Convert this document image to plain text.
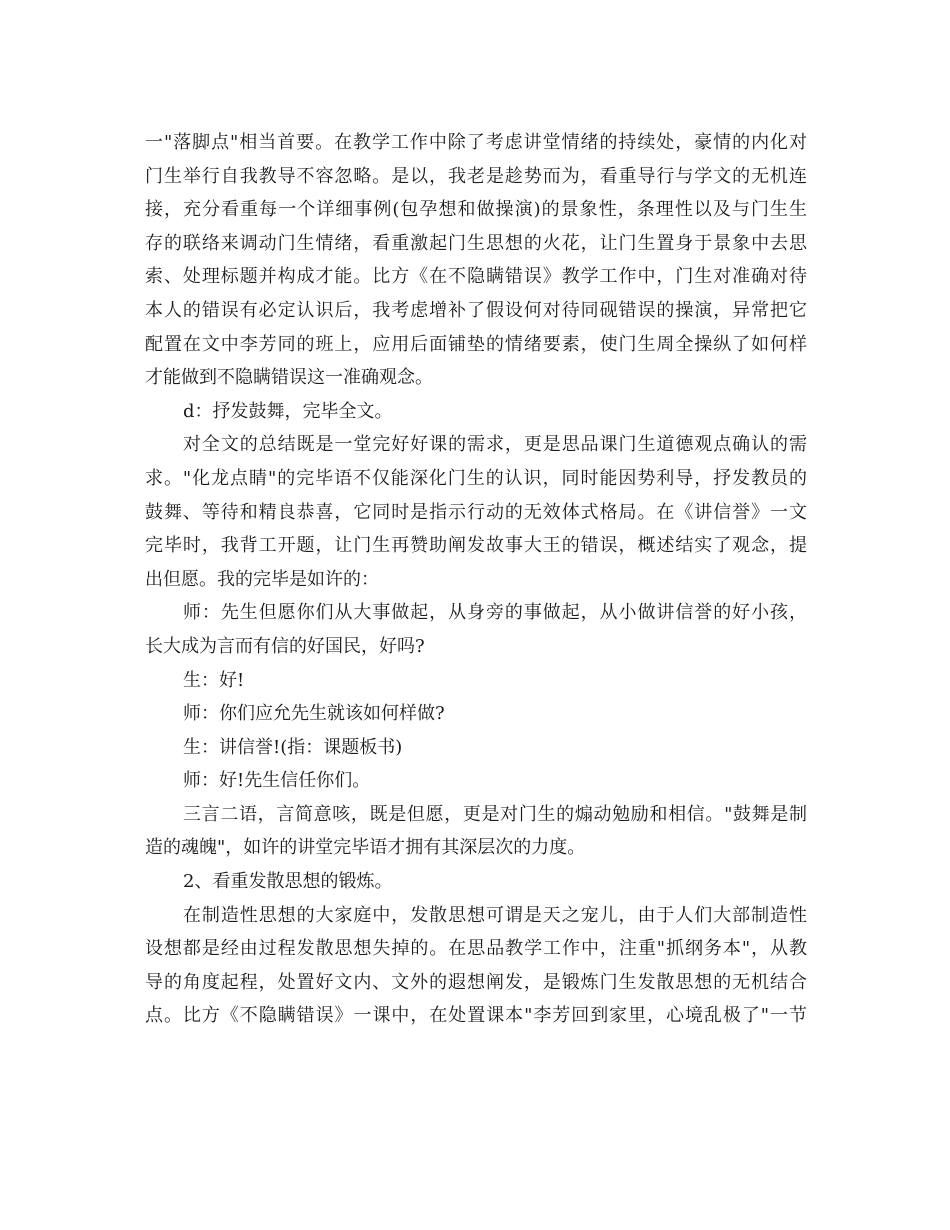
一"落脚点"相当首要。在教学工作中除了考虑讲堂情绪的持续处，豪情的内化对
门生举行自我教导不容忽略。是以，我老是趁势而为，看重导行与学文的无机连
接，充分看重每一个详细事例(包孕想和做操演)的景象性，条理性以及与门生生
存的联络来调动门生情绪，看重激起门生思想的火花，让门生置身于景象中去思
索、处理标题并构成才能。比方《在不隐瞒错误》教学工作中，门生对准确对待
本人的错误有必定认识后，我考虑增补了假设何对待同砚错误的操演，异常把它
配置在文中李芳同的班上，应用后面铺垫的情绪要素，使门生周全操纵了如何样
才能做到不隐瞒错误这一准确观念。
d：抒发鼓舞，完毕全文。
对全文的总结既是一堂完好好课的需求，更是思品课门生道德观点确认的需
求。"化龙点睛"的完毕语不仅能深化门生的认识，同时能因势利导，抒发教员的
鼓舞、等待和精良恭喜，它同时是指示行动的无效体式格局。在《讲信誉》一文
完毕时，我背工开题，让门生再赞助阐发故事大王的错误，概述结实了观念，提
出但愿。我的完毕是如许的：
师：先生但愿你们从大事做起，从身旁的事做起，从小做讲信誉的好小孩，
长大成为言而有信的好国民，好吗?
生：好!
师：你们应允先生就该如何样做?
生：讲信誉!(指：课题板书)
师：好!先生信任你们。
三言二语，言简意咳，既是但愿，更是对门生的煽动勉励和相信。"鼓舞是制
造的魂魄"，如许的讲堂完毕语才拥有其深层次的力度。
2、看重发散思想的锻炼。
在制造性思想的大家庭中，发散思想可谓是天之宠儿，由于人们大部制造性
设想都是经由过程发散思想失掉的。在思品教学工作中，注重"抓纲务本"，从教
导的角度起程，处置好文内、文外的遐想阐发，是锻炼门生发散思想的无机结合
点。比方《不隐瞒错误》一课中，在处置课本"李芳回到家里，心境乱极了"一节
